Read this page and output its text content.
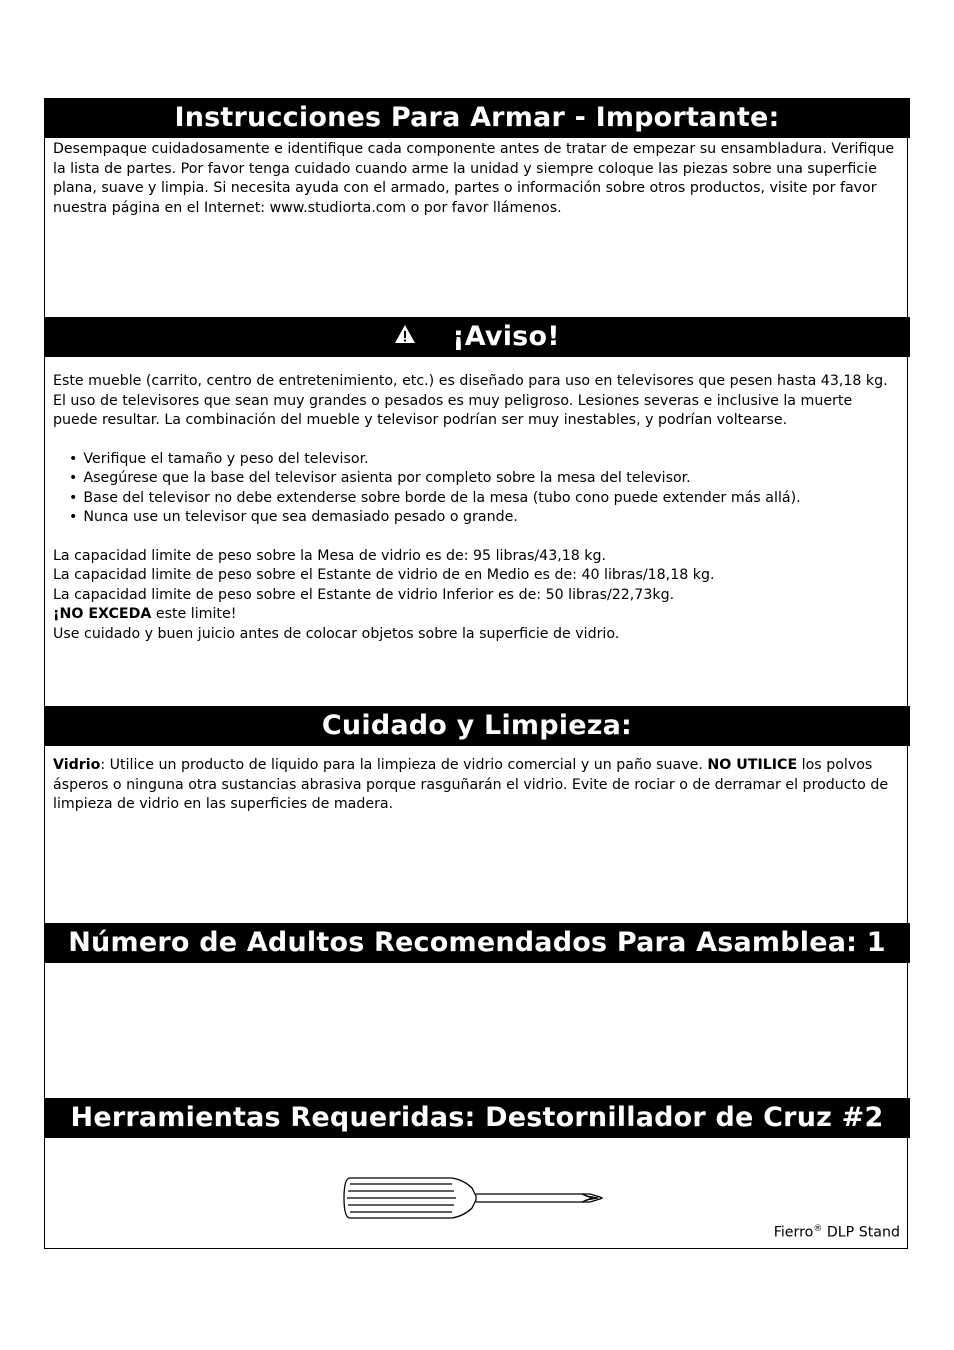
Instrucciones Para Armar - Importante:

Desempaque cuidadosamente e identifique cada componente antes de tratar de empezar su ensambladura. Verifique la lista de partes. Por favor tenga cuidado cuando arme la unidad y siempre coloque las piezas sobre una superficie plana, suave y limpia. Si necesita ayuda con el armado, partes o información sobre otros productos, visite por favor nuestra página en el Internet: www.studiorta.com o por favor llámenos.

¡Aviso!

Este mueble (carrito, centro de entretenimiento, etc.) es diseñado para uso en televisores que pesen hasta 43,18 kg. El uso de televisores que sean muy grandes o pesados es muy peligroso. Lesiones severas e inclusive la muerte puede resultar. La combinación del mueble y televisor podrían ser muy inestables, y podrían voltearse.

• Verifique el tamaño y peso del televisor.
• Asegúrese que la base del televisor asienta por completo sobre la mesa del televisor.
• Base del televisor no debe extenderse sobre borde de la mesa (tubo cono puede extender más allá).
• Nunca use un televisor que sea demasiado pesado o grande.

La capacidad limite de peso sobre la Mesa de vidrio es de: 95 libras/43,18 kg.

La capacidad limite de peso sobre el Estante de vidrio de en Medio es de: 40 libras/18,18 kg.

La capacidad limite de peso sobre el Estante de vidrio Inferior es de: 50 libras/22,73kg.

¡NO EXCEDA este limite!

Use cuidado y buen juicio antes de colocar objetos sobre la superficie de vidrio.

Cuidado y Limpieza:

Vidrio: Utilice un producto de liquido para la limpieza de vidrio comercial y un paño suave. NO UTILICE los polvos ásperos o ninguna otra sustancias abrasiva porque rasguñarán el vidrio. Evite de rociar o de derramar el producto de limpieza de vidrio en las superficies de madera.

Número de Adultos Recomendados Para Asamblea: 1
Herramientas Requeridas: Destornillador de Cruz #2
Fierro® DLP Stand
